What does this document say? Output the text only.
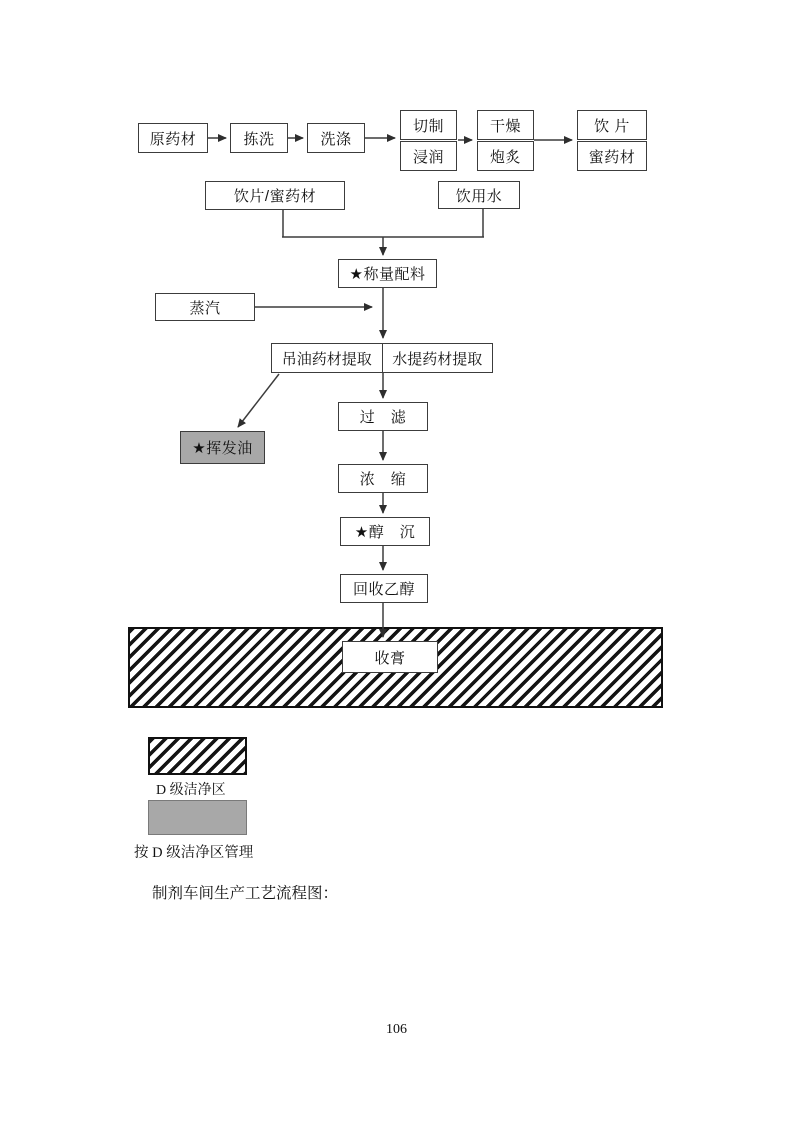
原药材	拣洗	洗涤
切制
浸润
干燥
炮炙
饮 片
蜜药材
饮片/蜜药材	饮用水
★称量配料
蒸汽
吊油药材提取 水提药材提取
过　滤
★挥发油
浓　缩
★醇　沉
回收乙醇
收膏
D 级洁净区
按 D 级洁净区管理
制剂车间生产工艺流程图：
106
